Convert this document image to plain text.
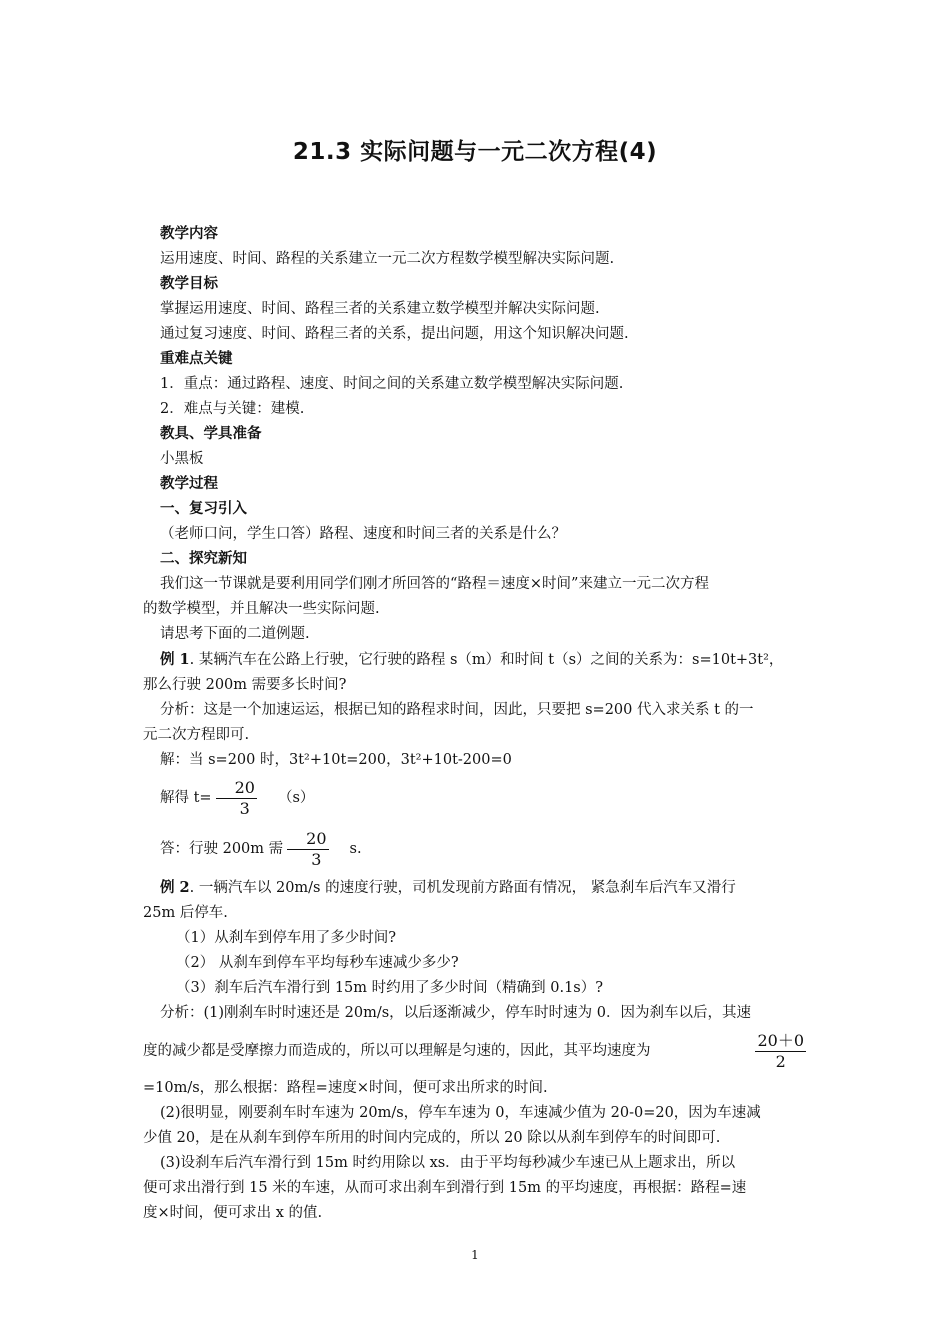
21.3 实际问题与一元二次方程(4)

教学内容

运用速度、时间、路程的关系建立一元二次方程数学模型解决实际问题.

教学目标

掌握运用速度、时间、路程三者的关系建立数学模型并解决实际问题.

通过复习速度、时间、路程三者的关系，提出问题，用这个知识解决问题.

重难点关键

1．重点：通过路程、速度、时间之间的关系建立数学模型解决实际问题.

2．难点与关键：建模.

教具、学具准备

小黑板

教学过程

一、复习引入

（老师口问，学生口答）路程、速度和时间三者的关系是什么？

二、探究新知

我们这一节课就是要利用同学们刚才所回答的“路程＝速度×时间”来建立一元二次方程

的数学模型，并且解决一些实际问题.

请思考下面的二道例题.

例 1. 某辆汽车在公路上行驶，它行驶的路程 s（m）和时间 t（s）之间的关系为：s=10t+3t²，

那么行驶 200m 需要多长时间?

分析：这是一个加速运运，根据已知的路程求时间，因此，只要把 s=200 代入求关系 t 的一

元二次方程即可.

解：当 s=200 时，3t²+10t=200，3t²+10t-200=0

解得 $t= \frac{20}{3}$	（s）
答：行驶 200m 需 $\frac{20}{3}$	s.

例 2. 一辆汽车以 20m/s 的速度行驶，司机发现前方路面有情况， 紧急刹车后汽车又滑行

25m 后停车.

（1）从刹车到停车用了多少时间?

（2） 从刹车到停车平均每秒车速减少多少?

（3）刹车后汽车滑行到 15m 时约用了多少时间（精确到 0.1s）?

分析：(1)刚刹车时时速还是 20m/s，以后逐渐减少，停车时时速为 0．因为刹车以后，其速

度的减少都是受摩擦力而造成的，所以可以理解是匀速的，因此，其平均速度为	$\frac{20+0}{2}$

=10m/s，那么根据：路程=速度×时间，便可求出所求的时间.

(2)很明显，刚要刹车时车速为 20m/s，停车车速为 0，车速减少值为 20-0=20，因为车速减

少值 20，是在从刹车到停车所用的时间内完成的，所以 20 除以从刹车到停车的时间即可.

(3)设刹车后汽车滑行到 15m 时约用除以 xs．由于平均每秒减少车速已从上题求出，所以

便可求出滑行到 15 米的车速，从而可求出刹车到滑行到 15m 的平均速度，再根据：路程=速

度×时间，便可求出 x 的值.

1
